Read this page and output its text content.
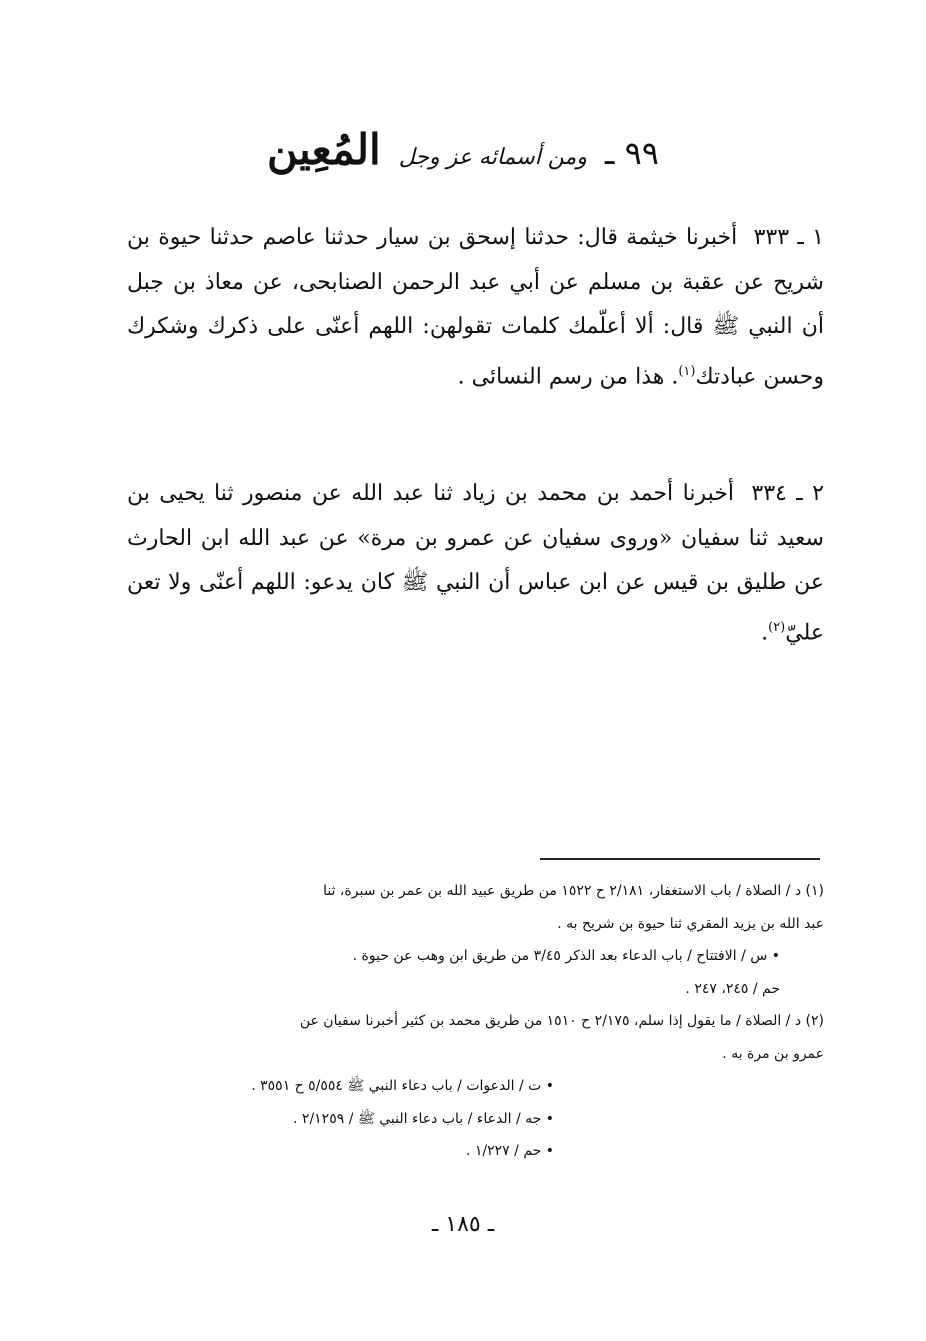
٩٩ ـ ومن أسمائه عز وجل المُعِين

١ ـ ٣٣٣ أخبرنا خيثمة قال: حدثنا إسحق بن سيار حدثنا عاصم حدثنا حيوة بن شريح عن عقبة بن مسلم عن أبي عبد الرحمن الصنابحى، عن معاذ بن جبل أن النبي ﷺ قال: ألا أعلّمك كلمات تقولهن: اللهم أعنّى على ذكرك وشكرك وحسن عبادتك$^{(١)}$. هذا من رسم النسائى .

٢ ـ ٣٣٤ أخبرنا أحمد بن محمد بن زياد ثنا عبد الله عن منصور ثنا يحيى بن سعيد ثنا سفيان «وروى سفيان عن عمرو بن مرة» عن عبد الله ابن الحارث عن طليق بن قيس عن ابن عباس أن النبي ﷺ كان يدعو: اللهم أعنّى ولا تعن عليّ$^{(٢)}$.

(١) د / الصلاة / باب الاستغفار، ٢/١٨١ ح ١٥٢٢ من طريق عبيد الله بن عمر بن سبرة، ثنا
عبد الله بن يزيد المقري ثنا حيوة بن شريح به .
• س / الافتتاح / باب الدعاء بعد الذكر ٣/٤٥ من طريق ابن وهب عن حيوة .
حم / ٢٤٥، ٢٤٧ .
(٢) د / الصلاة / ما يقول إذا سلم، ٢/١٧٥ ح ١٥١٠ من طريق محمد بن كثير أخبرنا سفيان عن
عمرو بن مرة به .
• ت / الدعوات / باب دعاء النبي ﷺ ٥/٥٥٤ ح ٣٥٥١ .
• جه / الدعاء / باب دعاء النبي ﷺ / ٢/١٢٥٩ .
• حم / ١/٢٢٧ .
ـ ١٨٥ ـ
